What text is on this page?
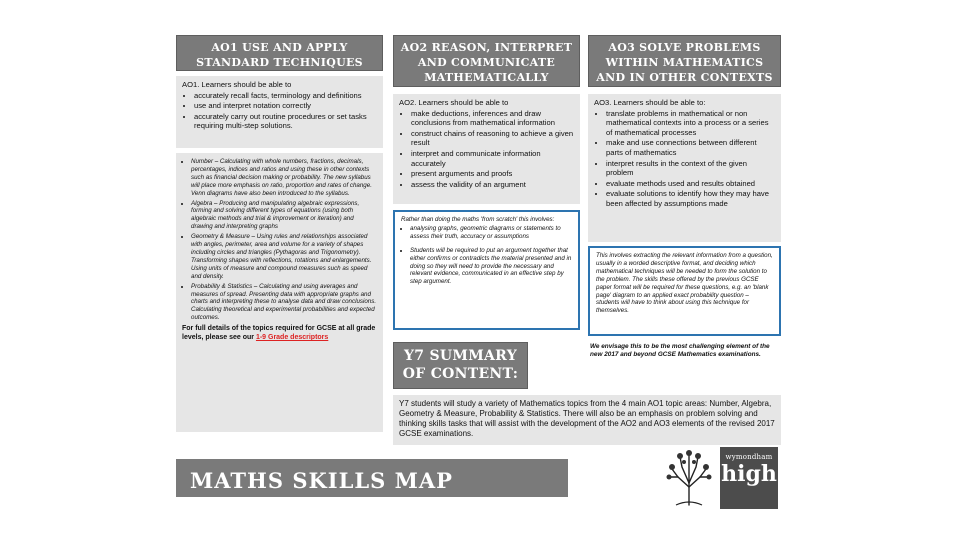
AO1 USE AND APPLY STANDARD TECHNIQUES
AO1. Learners should be able to
• accurately recall facts, terminology and definitions
• use and interpret notation correctly
• accurately carry out routine procedures or set tasks requiring multi-step solutions.
• Number – Calculating with whole numbers, fractions, decimals, percentages, indices and ratios and using these in other contexts such as financial decision making or probability. The new syllabus will place more emphasis on ratio, proportion and rates of change. Venn diagrams have also been introduced to the syllabus.
• Algebra – Producing and manipulating algebraic expressions, forming and solving different types of equations (using both algebraic methods and trial & improvement or iteration) and drawing and interpreting graphs
• Geometry & Measure – Using rules and relationships associated with angles, perimeter, area and volume for a variety of shapes including circles and triangles (Pythagoras and Trigonometry). Transforming shapes with reflections, rotations and enlargements. Using units of measure and compound measures such as speed and density.
• Probability & Statistics – Calculating and using averages and measures of spread. Presenting data with appropriate graphs and charts and interpreting these to analyse data and draw conclusions. Calculating theoretical and experimental probabilities and expected outcomes.
For full details of the topics required for GCSE at all grade levels, please see our 1-9 Grade descriptors
AO2 REASON, INTERPRET AND COMMUNICATE MATHEMATICALLY
AO2. Learners should be able to
• make deductions, inferences and draw conclusions from mathematical information
• construct chains of reasoning to achieve a given result
• interpret and communicate information accurately
• present arguments and proofs
• assess the validity of an argument
Rather than doing the maths 'from scratch' this involves:
• analysing graphs, geometric diagrams or statements to assess their truth, accuracy or assumptions
• Students will be required to put an argument together that either confirms or contradicts the material presented and in doing so they will need to provide the necessary and relevant evidence, communicated in an effective step by step argument.
Y7 SUMMARY OF CONTENT:
AO3 SOLVE PROBLEMS WITHIN MATHEMATICS AND IN OTHER CONTEXTS
AO3. Learners should be able to:
• translate problems in mathematical or non mathematical contexts into a process or a series of mathematical processes
• make and use connections between different parts of mathematics
• interpret results in the context of the given problem
• evaluate methods used and results obtained
• evaluate solutions to identify how they may have been affected by assumptions made
This involves extracting the relevant information from a question, usually in a worded descriptive format, and deciding which mathematical techniques will be needed to form the solution to the problem. The skills these offered by the previous GCSE paper format will be required for these questions, e.g. an 'blank page' diagram to an applied exact probability question – students will have to think about using this technique for themselves.
We envisage this to be the most challenging element of the new 2017 and beyond GCSE Mathematics examinations.
Y7 students will study a variety of Mathematics topics from the 4 main AO1 topic areas: Number, Algebra, Geometry & Measure, Probability & Statistics. There will also be an emphasis on problem solving and thinking skills tasks that will assist with the development of the AO2 and AO3 elements of the revised 2017 GCSE examinations.
MATHS SKILLS MAP
wymondham
high
